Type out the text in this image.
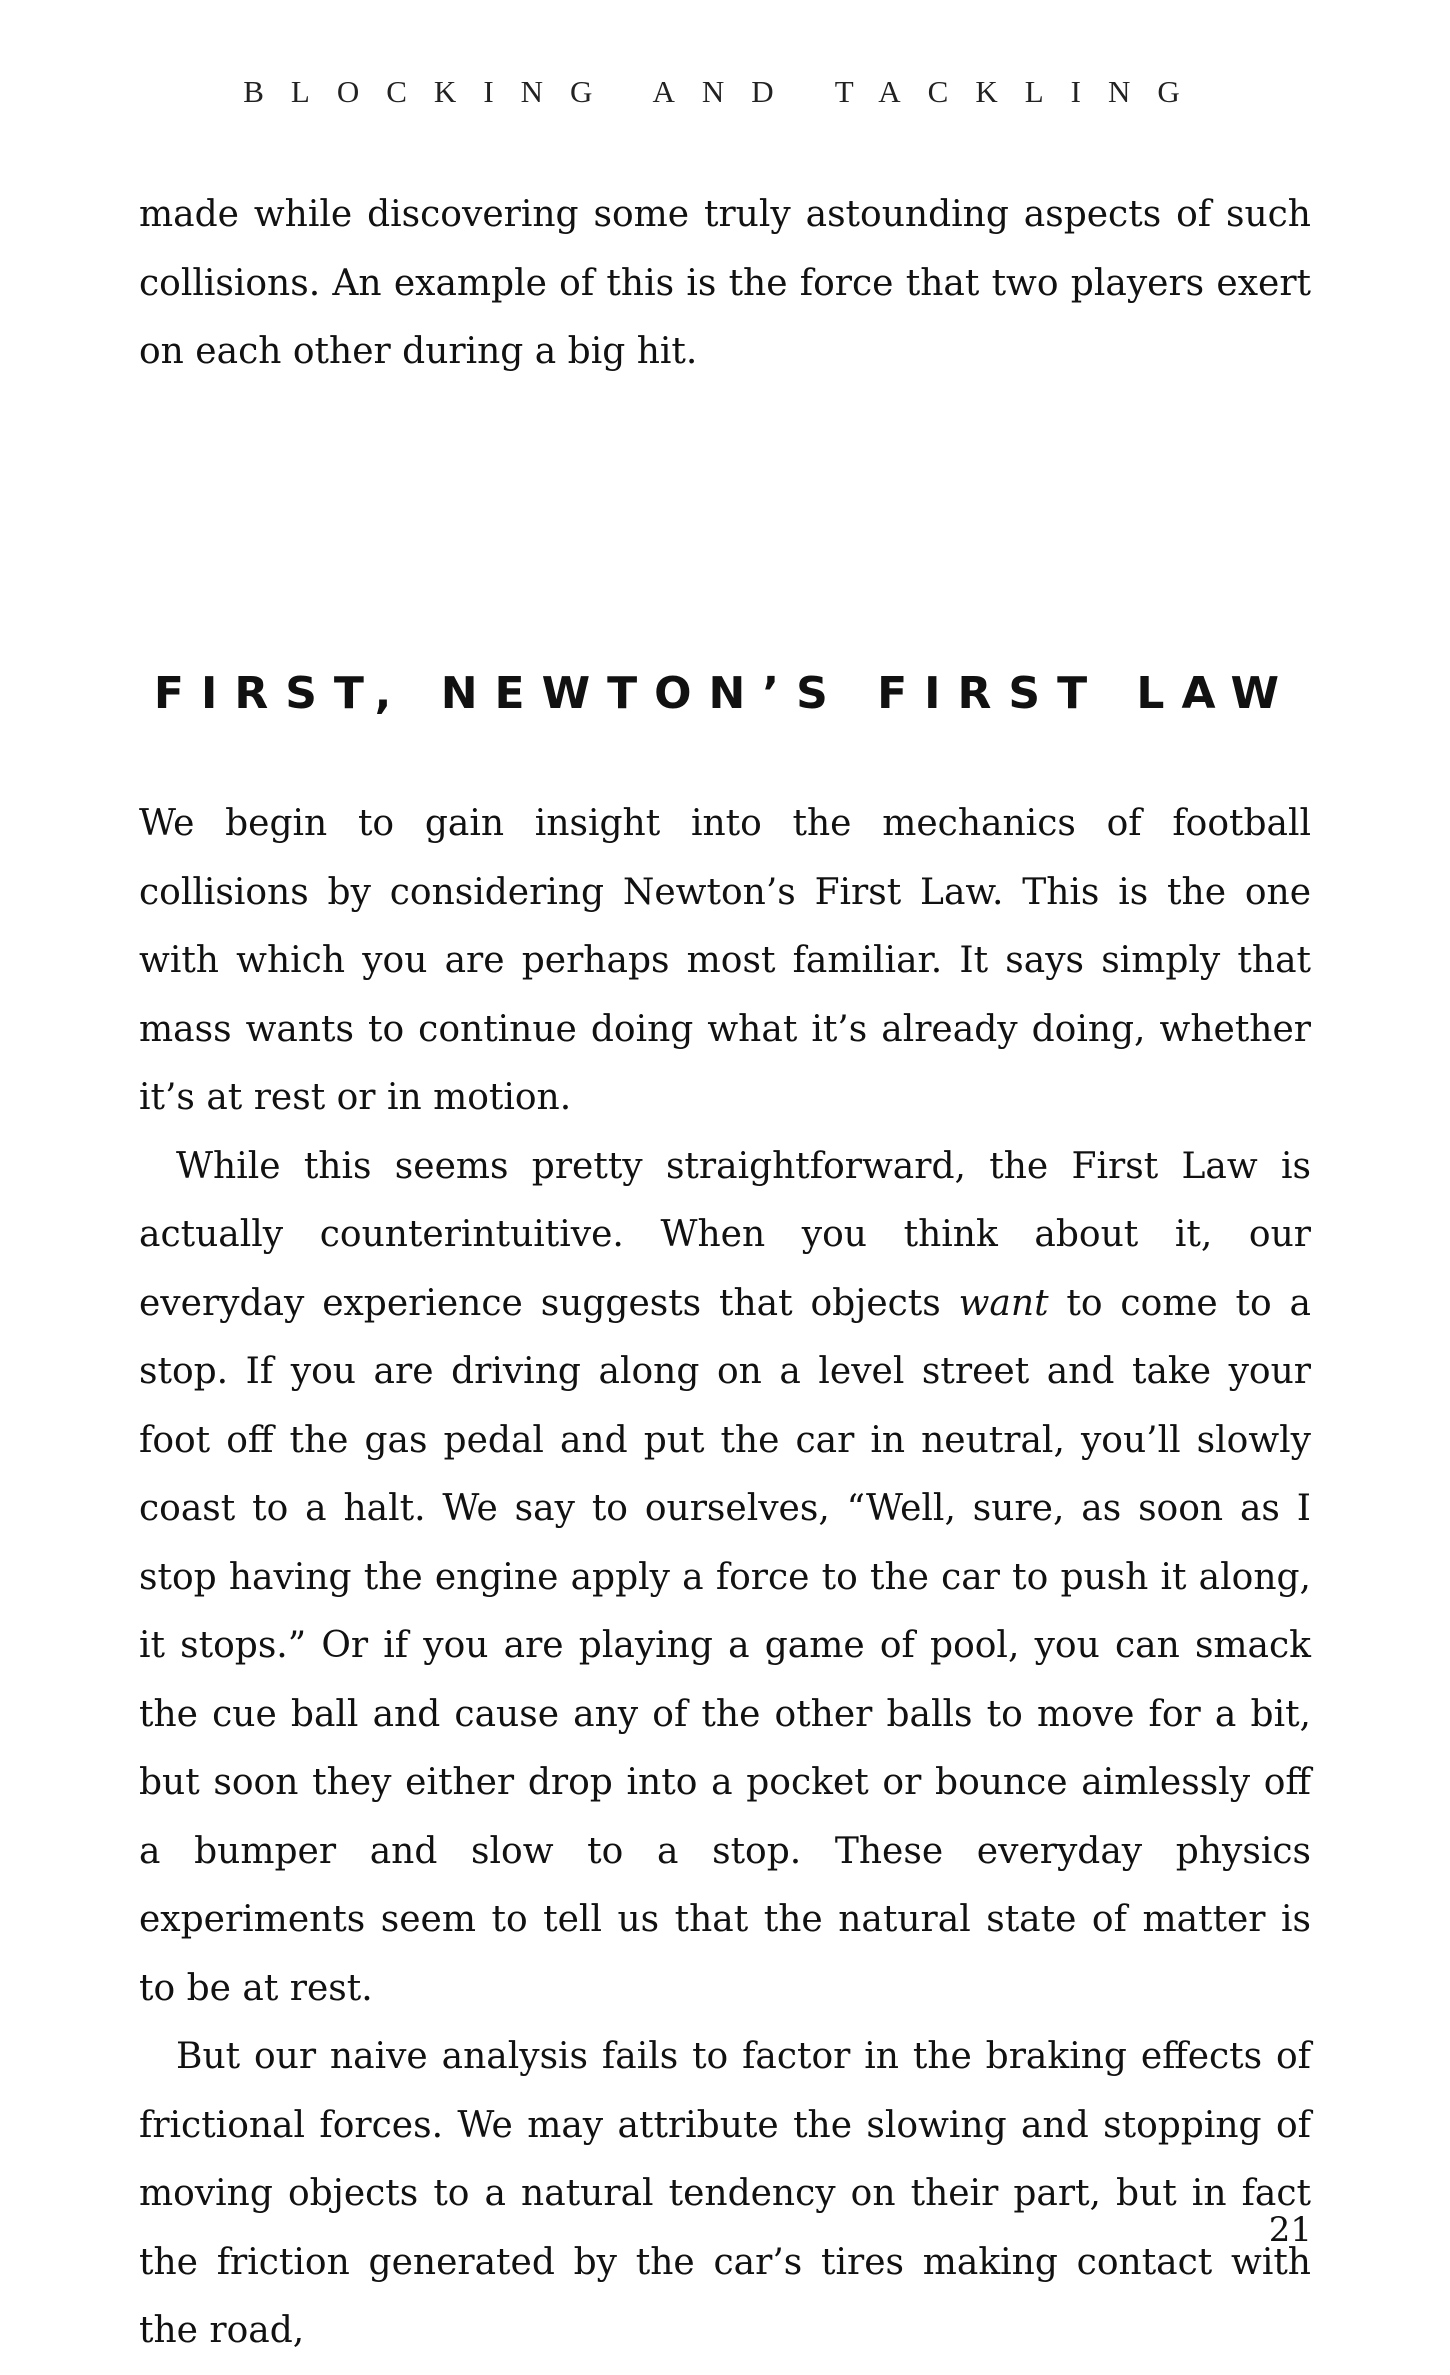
BLOCKING AND TACKLING

made while discovering some truly astounding aspects of such collisions. An example of this is the force that two players exert on each other during a big hit.

FIRST, NEWTON’S FIRST LAW

We begin to gain insight into the mechanics of football collisions by considering Newton’s First Law. This is the one with which you are perhaps most familiar. It says simply that mass wants to continue doing what it’s already doing, whether it’s at rest or in motion.

While this seems pretty straightforward, the First Law is actually counterintuitive. When you think about it, our everyday experience suggests that objects want to come to a stop. If you are driving along on a level street and take your foot off the gas pedal and put the car in neutral, you’ll slowly coast to a halt. We say to ourselves, “Well, sure, as soon as I stop having the engine apply a force to the car to push it along, it stops.” Or if you are playing a game of pool, you can smack the cue ball and cause any of the other balls to move for a bit, but soon they either drop into a pocket or bounce aimlessly off a bumper and slow to a stop. These everyday physics experiments seem to tell us that the natural state of matter is to be at rest.

But our naive analysis fails to factor in the braking effects of frictional forces. We may attribute the slowing and stopping of moving objects to a natural tendency on their part, but in fact the friction generated by the car’s tires making contact with the road,

21
